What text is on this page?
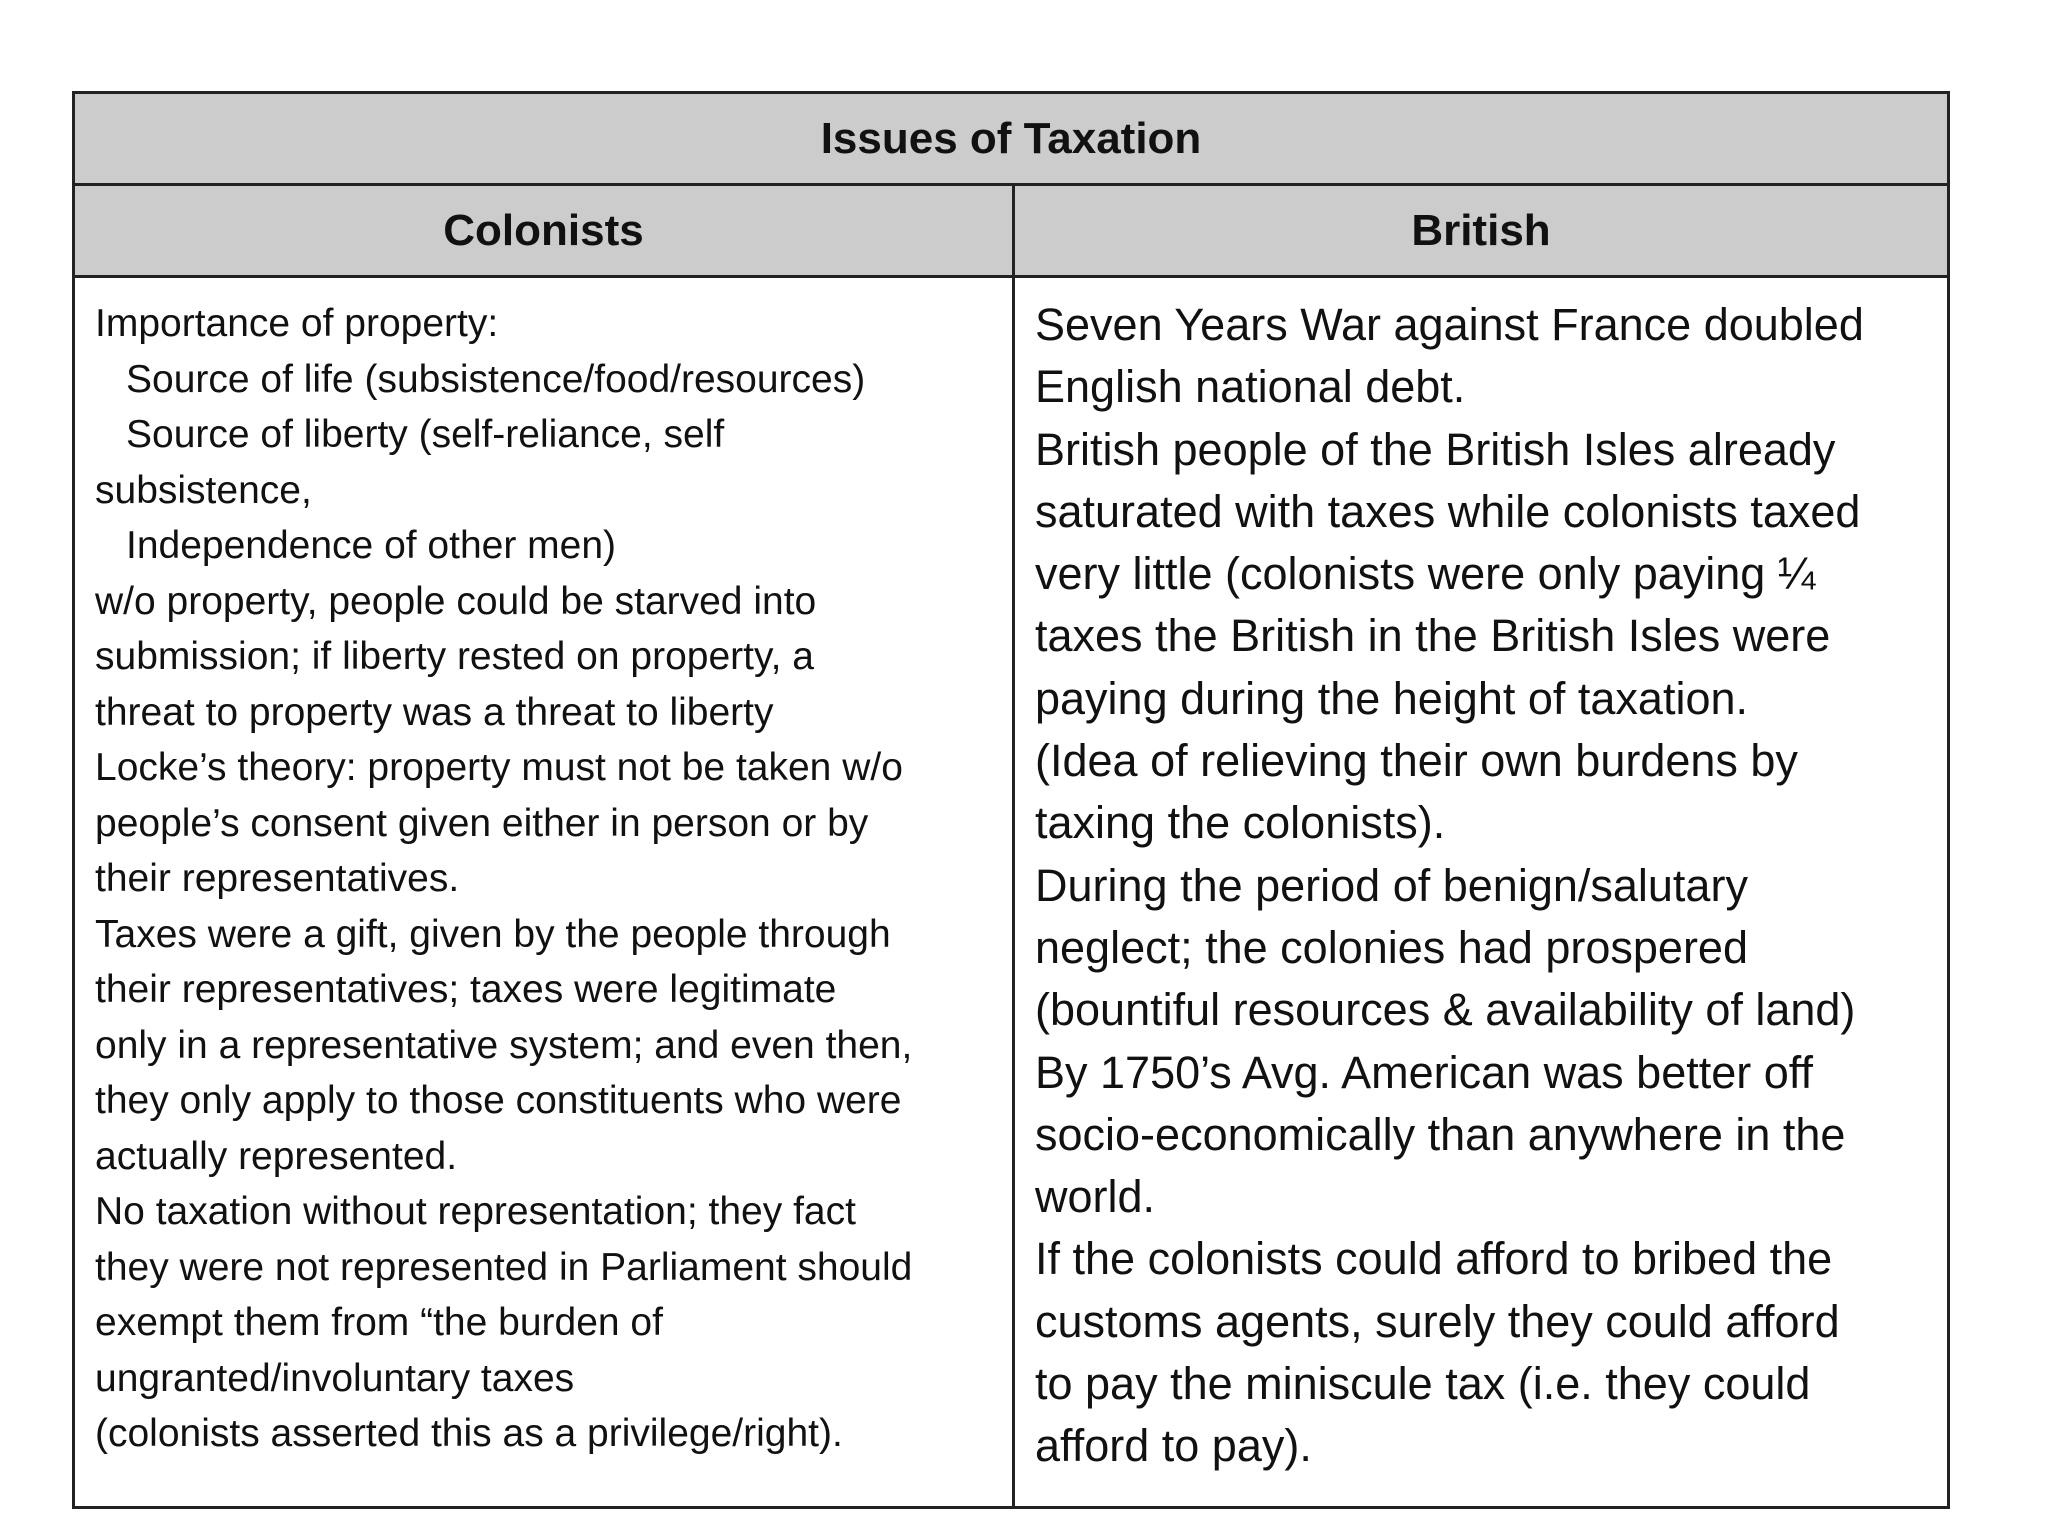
Issues of Taxation
Colonists	British
Importance of property:
Source of life (subsistence/food/resources)
Source of liberty (self-reliance, self
subsistence,
Independence of other men)
w/o property, people could be starved into
submission; if liberty rested on property, a
threat to property was a threat to liberty
Locke’s theory: property must not be taken w/o
people’s consent given either in person or by
their representatives.
Taxes were a gift, given by the people through
their representatives; taxes were legitimate
only in a representative system; and even then,
they only apply to those constituents who were
actually represented.
No taxation without representation; they fact
they were not represented in Parliament should
exempt them from “the burden of
ungranted/involuntary taxes
(colonists asserted this as a privilege/right).
Seven Years War against France doubled
English national debt.
British people of the British Isles already
saturated with taxes while colonists taxed
very little (colonists were only paying ¼
taxes the British in the British Isles were
paying during the height of taxation.
(Idea of relieving their own burdens by
taxing the colonists).
During the period of benign/salutary
neglect; the colonies had prospered
(bountiful resources & availability of land)
By 1750’s Avg. American was better off
socio-economically than anywhere in the
world.
If the colonists could afford to bribed the
customs agents, surely they could afford
to pay the miniscule tax (i.e. they could
afford to pay).
